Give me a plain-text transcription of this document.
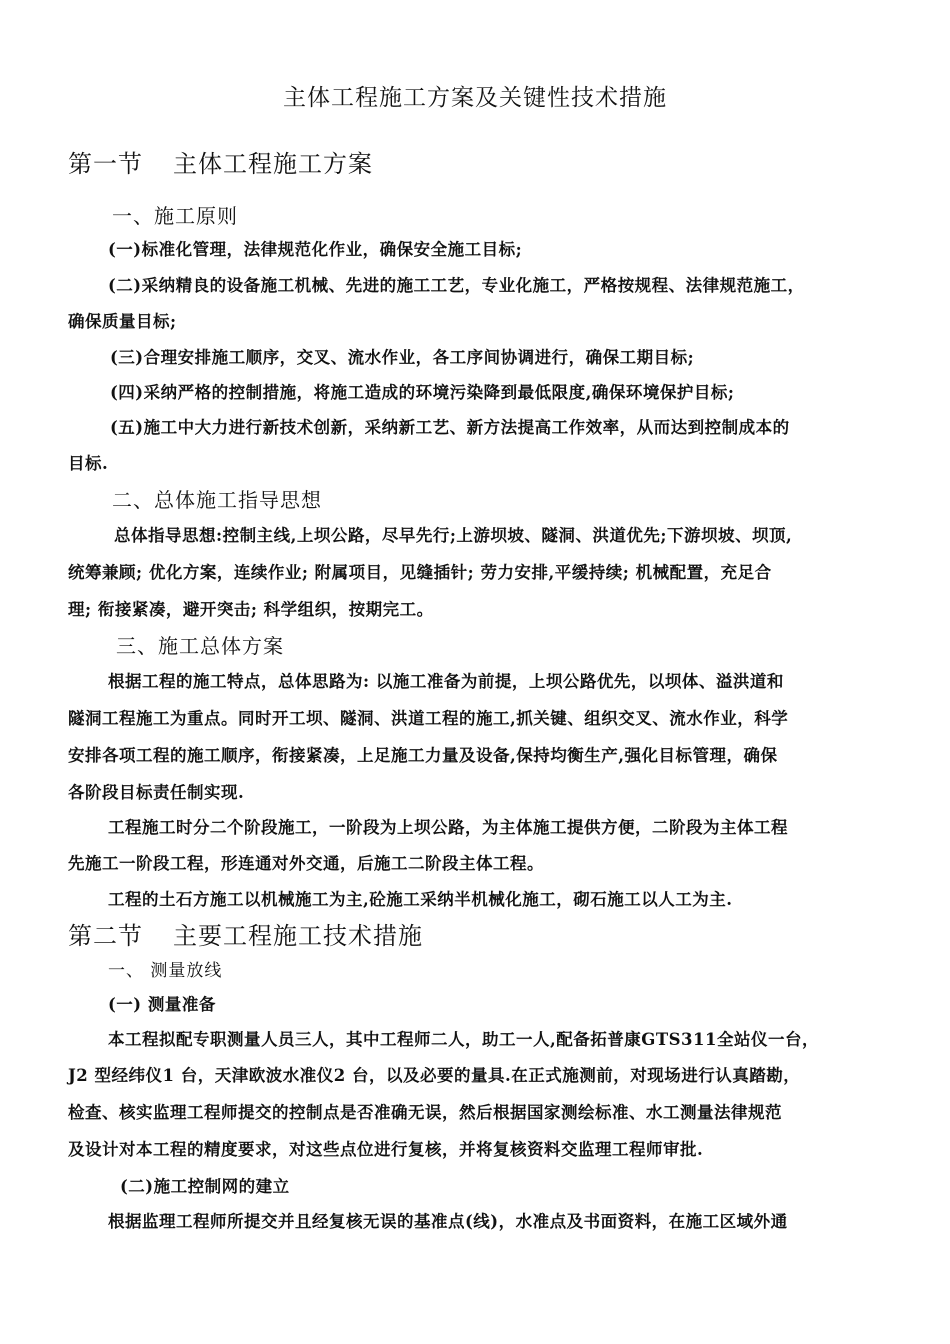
主体工程施工方案及关键性技术措施
第一节 主体工程施工方案
一、施工原则
(一)标准化管理，法律规范化作业，确保安全施工目标;
(二)采纳精良的设备施工机械、先进的施工工艺，专业化施工，严格按规程、法律规范施工，
确保质量目标;
(三)合理安排施工顺序，交叉、流水作业，各工序间协调进行，确保工期目标;
(四)采纳严格的控制措施，将施工造成的环境污染降到最低限度,确保环境保护目标;
(五)施工中大力进行新技术创新，采纳新工艺、新方法提高工作效率，从而达到控制成本的
目标.
二、总体施工指导思想
总体指导思想:控制主线,上坝公路，尽早先行;上游坝坡、隧洞、洪道优先;下游坝坡、坝顶,
统筹兼顾; 优化方案，连续作业; 附属项目，见缝插针; 劳力安排,平缓持续; 机械配置，充足合
理; 衔接紧凑，避开突击; 科学组织，按期完工。
三、施工总体方案
根据工程的施工特点，总体思路为: 以施工准备为前提，上坝公路优先，以坝体、溢洪道和
隧洞工程施工为重点。同时开工坝、隧洞、洪道工程的施工,抓关键、组织交叉、流水作业，科学
安排各项工程的施工顺序，衔接紧凑，上足施工力量及设备,保持均衡生产,强化目标管理，确保
各阶段目标责任制实现.
工程施工时分二个阶段施工，一阶段为上坝公路，为主体施工提供方便，二阶段为主体工程
先施工一阶段工程，形连通对外交通，后施工二阶段主体工程。
工程的土石方施工以机械施工为主,砼施工采纳半机械化施工，砌石施工以人工为主.
第二节 主要工程施工技术措施
一、 测量放线
(一) 测量准备
本工程拟配专职测量人员三人，其中工程师二人，助工一人,配备拓普康GTS311全站仪一台，
J2 型经纬仪1 台，天津欧波水准仪2 台，以及必要的量具.在正式施测前，对现场进行认真踏勘，
检查、核实监理工程师提交的控制点是否准确无误，然后根据国家测绘标准、水工测量法律规范
及设计对本工程的精度要求，对这些点位进行复核，并将复核资料交监理工程师审批.
(二)施工控制网的建立
根据监理工程师所提交并且经复核无误的基准点(线)，水准点及书面资料，在施工区域外通
